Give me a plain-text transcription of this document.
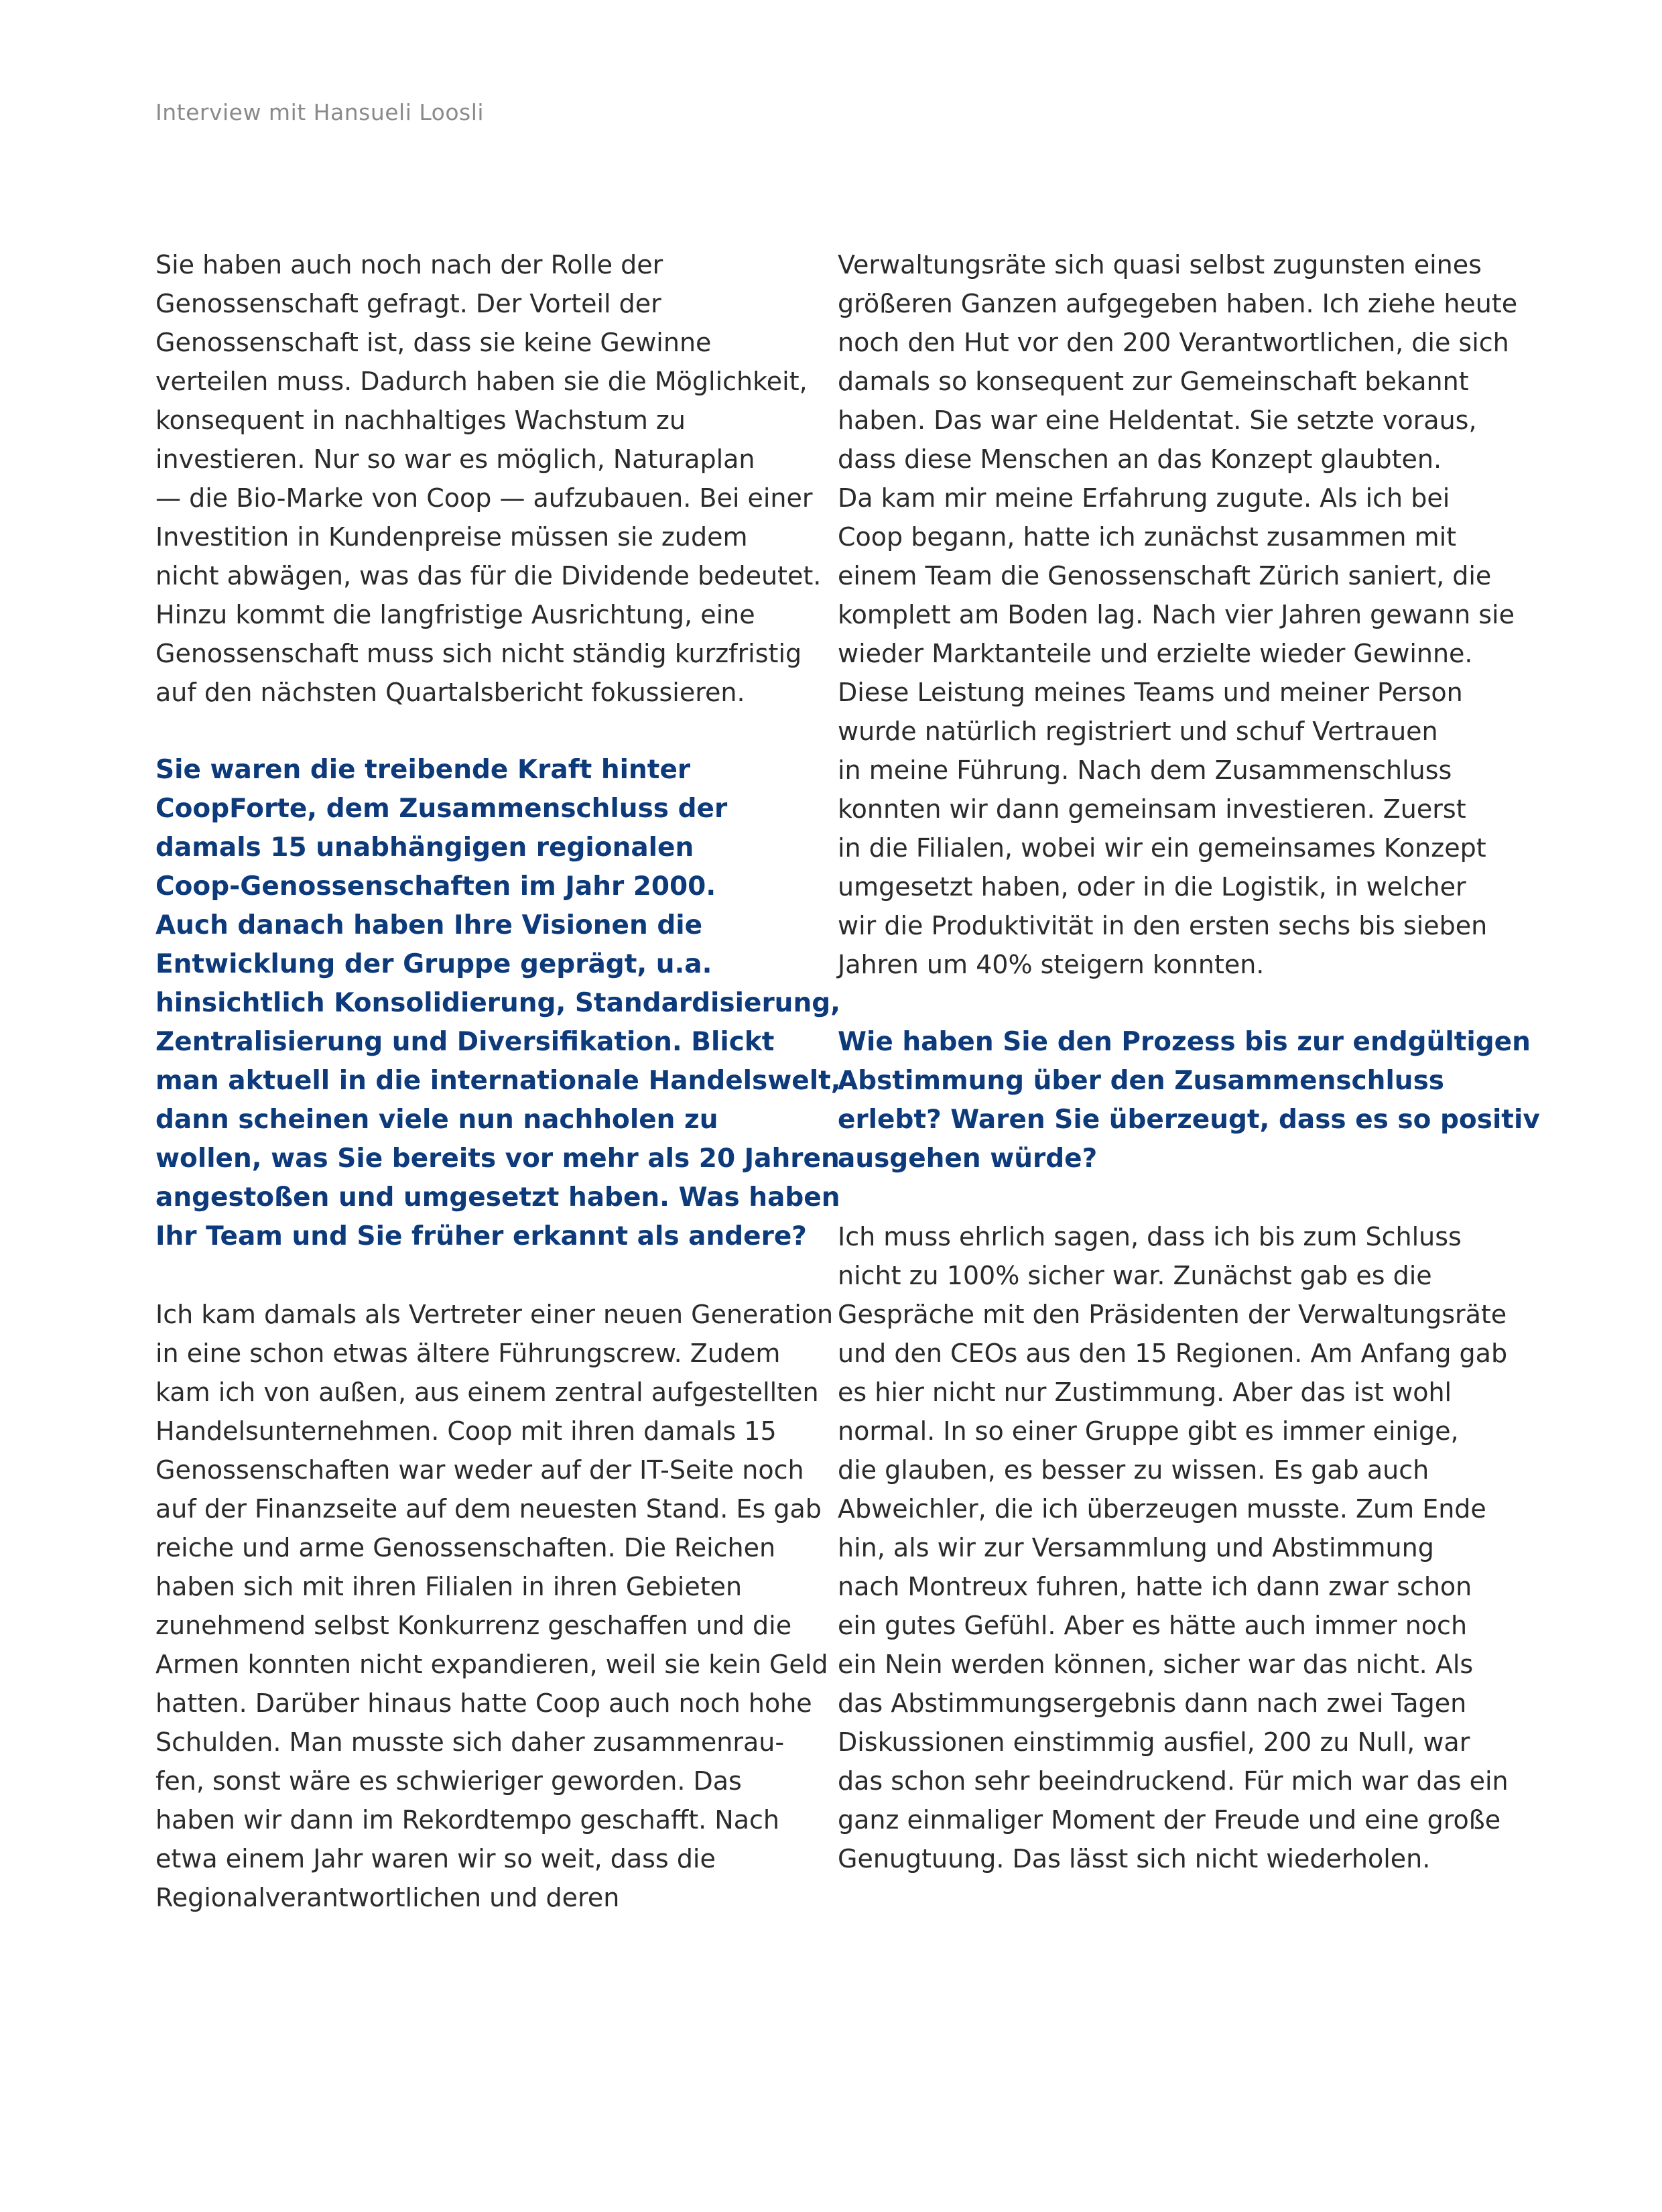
Interview mit Hansueli Loosli
Sie haben auch noch nach der Rolle der
Genossenschaft gefragt. Der Vorteil der
Genossenschaft ist, dass sie keine Gewinne
verteilen muss. Dadurch haben sie die Möglichkeit,
konsequent in nachhaltiges Wachstum zu
investieren. Nur so war es möglich, Naturaplan
— die Bio-Marke von Coop — aufzubauen. Bei einer
Investition in Kundenpreise müssen sie zudem
nicht abwägen, was das für die Dividende bedeutet.
Hinzu kommt die langfristige Ausrichtung, eine
Genossenschaft muss sich nicht ständig kurzfristig
auf den nächsten Quartalsbericht fokussieren.
Sie waren die treibende Kraft hinter
CoopForte, dem Zusammenschluss der
damals 15 unabhängigen regionalen
Coop-Genossenschaften im Jahr 2000.
Auch danach haben Ihre Visionen die
Entwicklung der Gruppe geprägt, u.a.
hinsichtlich Konsolidierung, Standardisierung,
Zentralisierung und Diversifikation. Blickt
man aktuell in die internationale Handelswelt,
dann scheinen viele nun nachholen zu
wollen, was Sie bereits vor mehr als 20 Jahren
angestoßen und umgesetzt haben. Was haben
Ihr Team und Sie früher erkannt als andere?
Ich kam damals als Vertreter einer neuen Generation
in eine schon etwas ältere Führungscrew. Zudem
kam ich von außen, aus einem zentral aufgestellten
Handelsunternehmen. Coop mit ihren damals 15
Genossenschaften war weder auf der IT-Seite noch
auf der Finanzseite auf dem neuesten Stand. Es gab
reiche und arme Genossenschaften. Die Reichen
haben sich mit ihren Filialen in ihren Gebieten
zunehmend selbst Konkurrenz geschaffen und die
Armen konnten nicht expandieren, weil sie kein Geld
hatten. Darüber hinaus hatte Coop auch noch hohe
Schulden. Man musste sich daher zusammenrau-
fen, sonst wäre es schwieriger geworden. Das
haben wir dann im Rekordtempo geschafft. Nach
etwa einem Jahr waren wir so weit, dass die
Regionalverantwortlichen und deren
Verwaltungsräte sich quasi selbst zugunsten eines
größeren Ganzen aufgegeben haben. Ich ziehe heute
noch den Hut vor den 200 Verantwortlichen, die sich
damals so konsequent zur Gemeinschaft bekannt
haben. Das war eine Heldentat. Sie setzte voraus,
dass diese Menschen an das Konzept glaubten.
Da kam mir meine Erfahrung zugute. Als ich bei
Coop begann, hatte ich zunächst zusammen mit
einem Team die Genossenschaft Zürich saniert, die
komplett am Boden lag. Nach vier Jahren gewann sie
wieder Marktanteile und erzielte wieder Gewinne.
Diese Leistung meines Teams und meiner Person
wurde natürlich registriert und schuf Vertrauen
in meine Führung. Nach dem Zusammenschluss
konnten wir dann gemeinsam investieren. Zuerst
in die Filialen, wobei wir ein gemeinsames Konzept
umgesetzt haben, oder in die Logistik, in welcher
wir die Produktivität in den ersten sechs bis sieben
Jahren um 40% steigern konnten.
Wie haben Sie den Prozess bis zur endgültigen
Abstimmung über den Zusammenschluss
erlebt? Waren Sie überzeugt, dass es so positiv
ausgehen würde?
Ich muss ehrlich sagen, dass ich bis zum Schluss
nicht zu 100% sicher war. Zunächst gab es die
Gespräche mit den Präsidenten der Verwaltungsräte
und den CEOs aus den 15 Regionen. Am Anfang gab
es hier nicht nur Zustimmung. Aber das ist wohl
normal. In so einer Gruppe gibt es immer einige,
die glauben, es besser zu wissen. Es gab auch
Abweichler, die ich überzeugen musste. Zum Ende
hin, als wir zur Versammlung und Abstimmung
nach Montreux fuhren, hatte ich dann zwar schon
ein gutes Gefühl. Aber es hätte auch immer noch
ein Nein werden können, sicher war das nicht. Als
das Abstimmungsergebnis dann nach zwei Tagen
Diskussionen einstimmig ausfiel, 200 zu Null, war
das schon sehr beeindruckend. Für mich war das ein
ganz einmaliger Moment der Freude und eine große
Genugtuung. Das lässt sich nicht wiederholen.
